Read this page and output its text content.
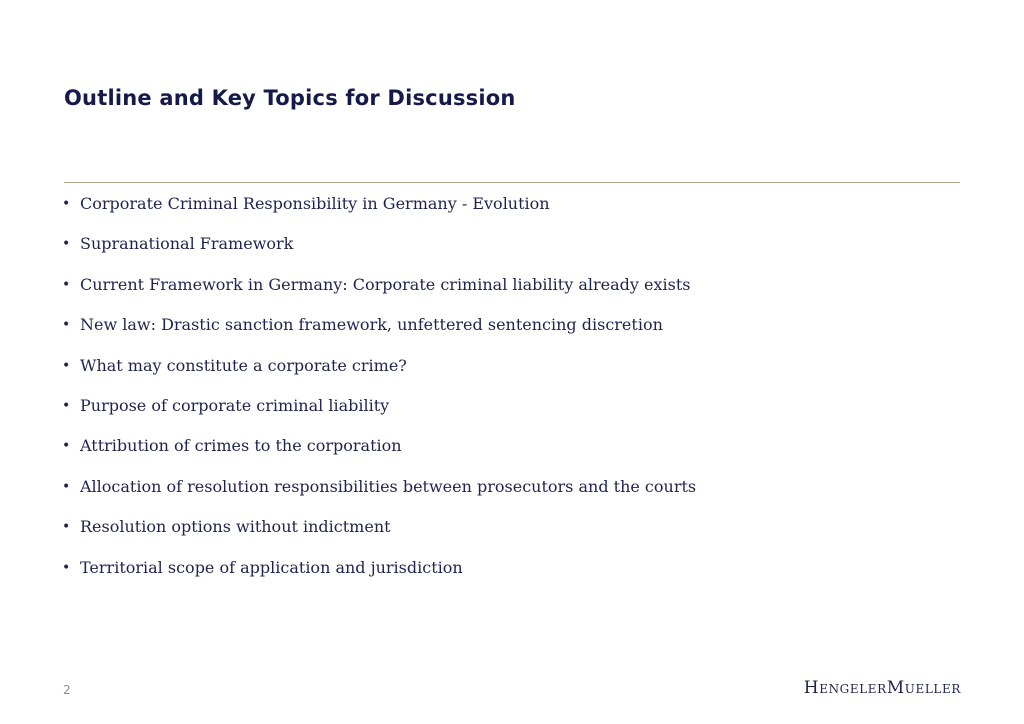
Outline and Key Topics for Discussion
• Corporate Criminal Responsibility in Germany - Evolution
• Supranational Framework
• Current Framework in Germany: Corporate criminal liability already exists
• New law: Drastic sanction framework, unfettered sentencing discretion
• What may constitute a corporate crime?
• Purpose of corporate criminal liability
• Attribution of crimes to the corporation
• Allocation of resolution responsibilities between prosecutors and the courts
• Resolution options without indictment
• Territorial scope of application and jurisdiction
2	HengelerMueller
